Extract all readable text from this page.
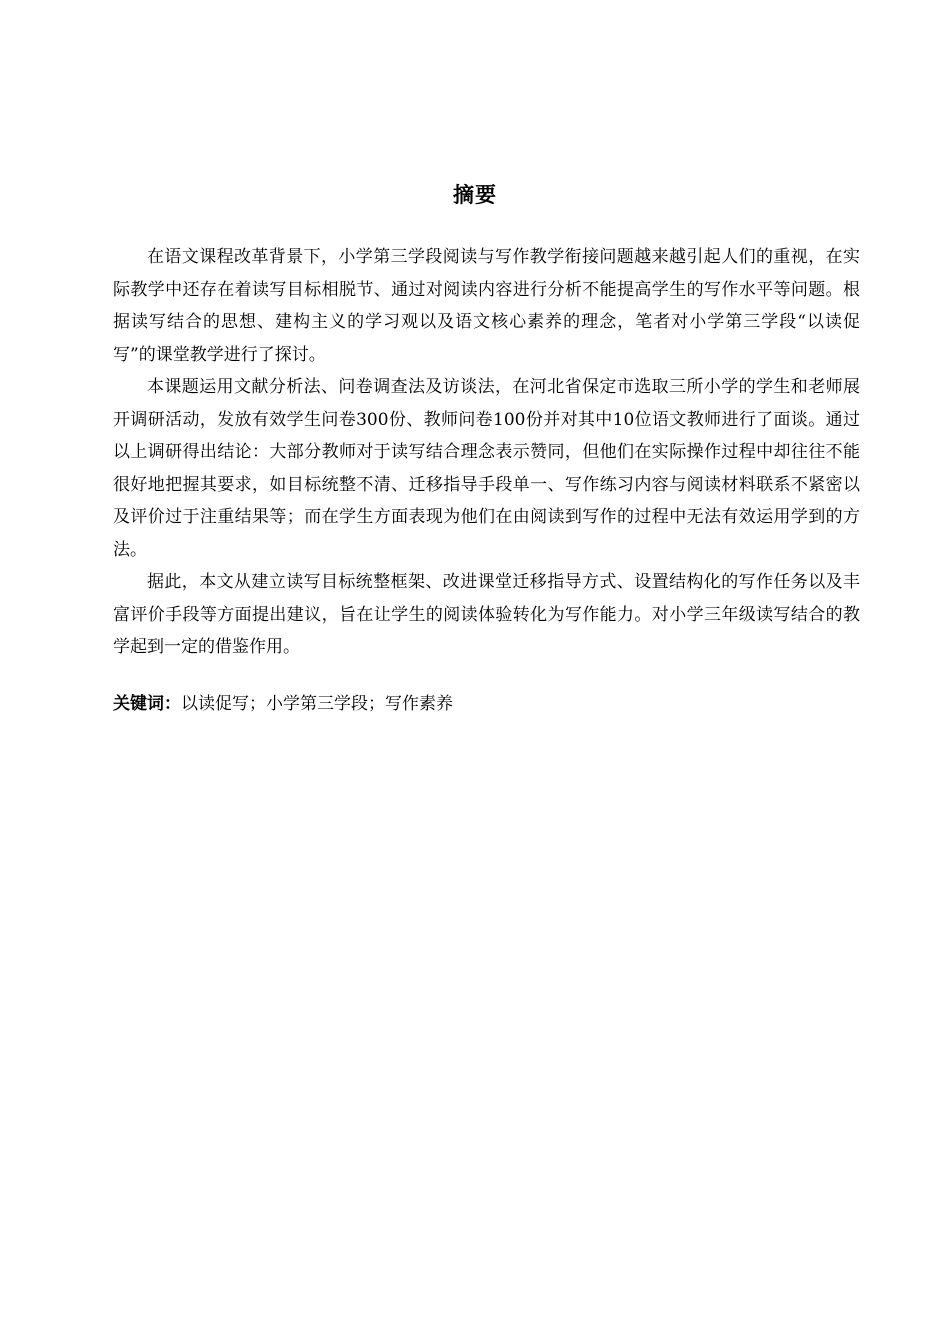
摘要

在语文课程改革背景下，小学第三学段阅读与写作教学衔接问题越来越引起人们的重视，在实际教学中还存在着读写目标相脱节、通过对阅读内容进行分析不能提高学生的写作水平等问题。根据读写结合的思想、建构主义的学习观以及语文核心素养的理念，笔者对小学第三学段“以读促写”的课堂教学进行了探讨。

本课题运用文献分析法、问卷调查法及访谈法，在河北省保定市选取三所小学的学生和老师展开调研活动，发放有效学生问卷300份、教师问卷100份并对其中10位语文教师进行了面谈。通过以上调研得出结论：大部分教师对于读写结合理念表示赞同，但他们在实际操作过程中却往往不能很好地把握其要求，如目标统整不清、迁移指导手段单一、写作练习内容与阅读材料联系不紧密以及评价过于注重结果等；而在学生方面表现为他们在由阅读到写作的过程中无法有效运用学到的方法。

据此，本文从建立读写目标统整框架、改进课堂迁移指导方式、设置结构化的写作任务以及丰富评价手段等方面提出建议，旨在让学生的阅读体验转化为写作能力。对小学三年级读写结合的教学起到一定的借鉴作用。

关键词：以读促写；小学第三学段；写作素养
